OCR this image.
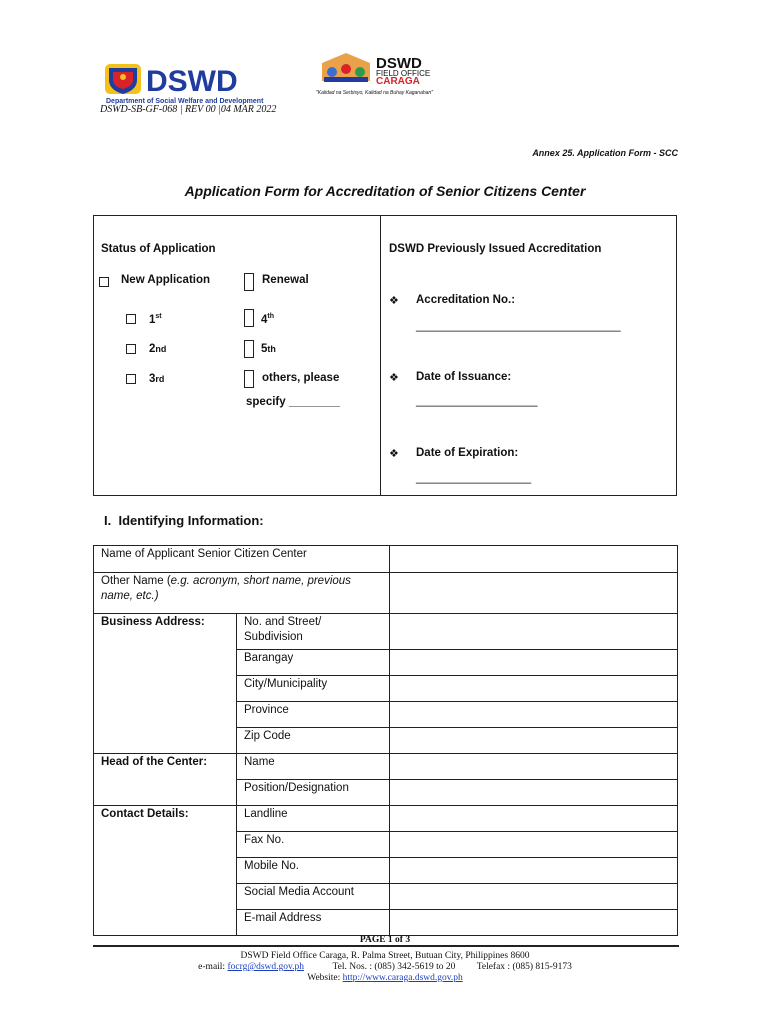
DSWD
Department of Social Welfare and Development
DSWD
FIELD OFFICE
CARAGA
"Kalidad na Serbisyo, Kalidad na Buhay Kaganahan"
DSWD-SB-GF-068 | REV 00 |04 MAR 2022
Annex 25. Application Form - SCC
Application Form for Accreditation of Senior Citizens Center
Status of Application
New Application	Renewal
1st	4th
2nd	5th
3rd	others, please
specify ________
DSWD Previously Issued Accreditation
❖ Accreditation No.:
________________________________
❖ Date of Issuance:
___________________
❖ Date of Expiration:
__________________
I. Identifying Information:
Name of Applicant Senior Citizen Center		
Other Name (e.g. acronym, short name, previous name, etc.)		
Business Address:	No. and Street/ Subdivision	
	Barangay	
	City/Municipality	
	Province	
	Zip Code	
Head of the Center:	Name	
	Position/Designation	
Contact Details:	Landline	
	Fax No.	
	Mobile No.	
	Social Media Account	
	E-mail Address	
PAGE 1 of 3
DSWD Field Office Caraga, R. Palma Street, Butuan City, Philippines 8600
e-mail: focrg@dswd.gov.ph	Tel. Nos. : (085) 342-5619 to 20 Telefax : (085) 815-9173
Website: http://www.caraga.dswd.gov.ph
